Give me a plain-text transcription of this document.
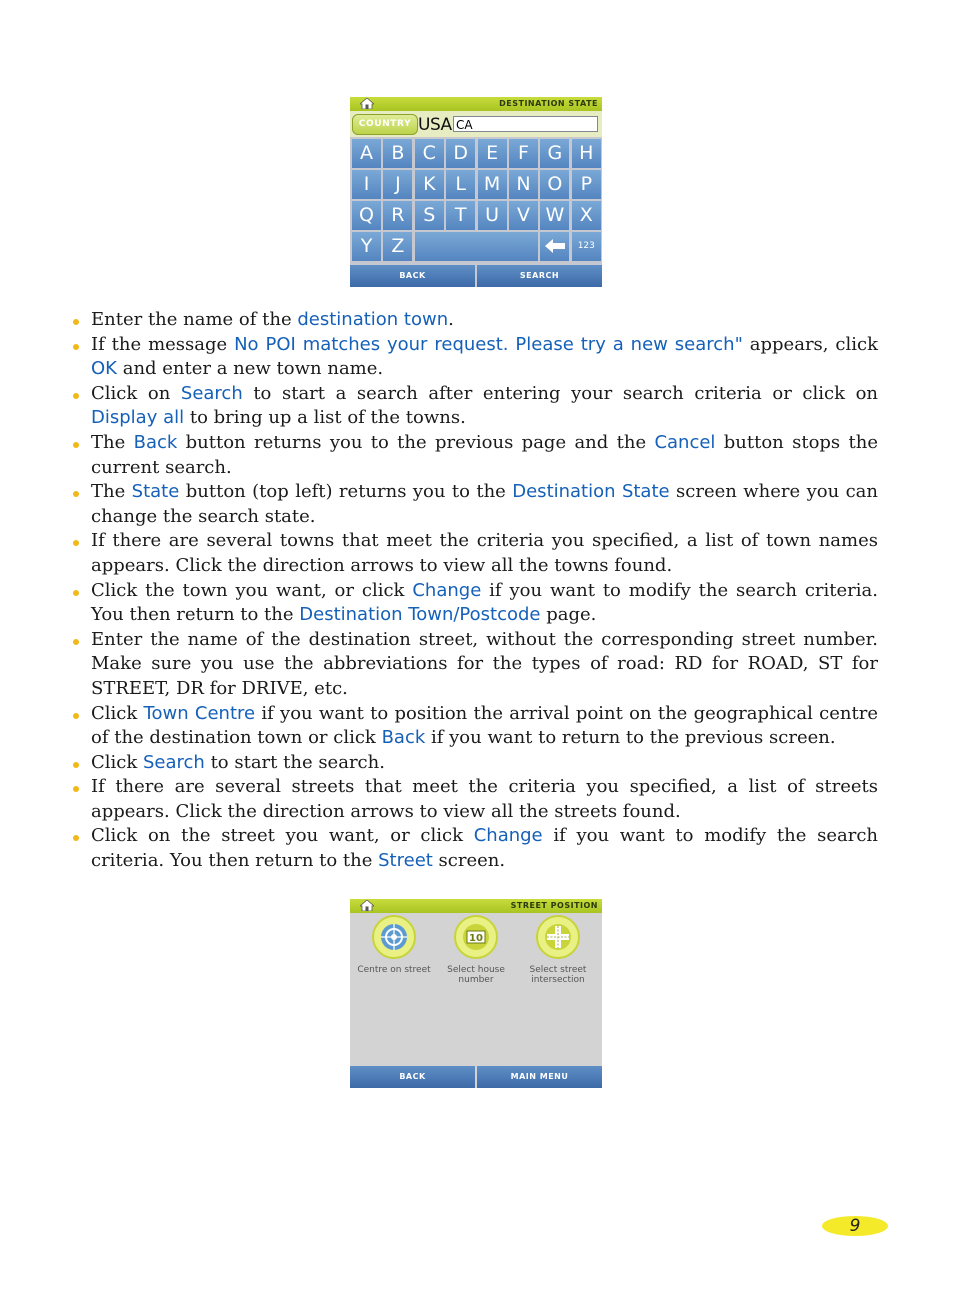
DESTINATION STATE
COUNTRY USA CA
A B C D E	F G H
I	J	K	L M N O P
Q R S	T U V W X
Y	Z	123
BACK	SEARCH
Enter the name of the destination town.
If the message No POI matches your request. Please try a new search" appears, click OK and enter a new town name.
Click on Search to start a search after entering your search criteria or click on Display all to bring up a list of the towns.
The Back button returns you to the previous page and the Cancel button stops the current search.
The State button (top left) returns you to the Destination State screen where you can change the search state.
If there are several towns that meet the criteria you specified, a list of town names appears. Click the direction arrows to view all the towns found.
Click the town you want, or click Change if you want to modify the search criteria. You then return to the Destination Town/Postcode page.
Enter the name of the destination street, without the corresponding street number. Make sure you use the abbreviations for the types of road: RD for ROAD, ST for STREET, DR for DRIVE, etc.
Click Town Centre if you want to position the arrival point on the geographical centre of the destination town or click Back if you want to return to the previous screen.
Click Search to start the search.
If there are several streets that meet the criteria you specified, a list of streets appears. Click the direction arrows to view all the streets found.
Click on the street you want, or click Change if you want to modify the search criteria. You then return to the Street screen.
STREET POSITION
Centre on street
10
Select house number
Select street intersection
BACK	MAIN MENU
9
